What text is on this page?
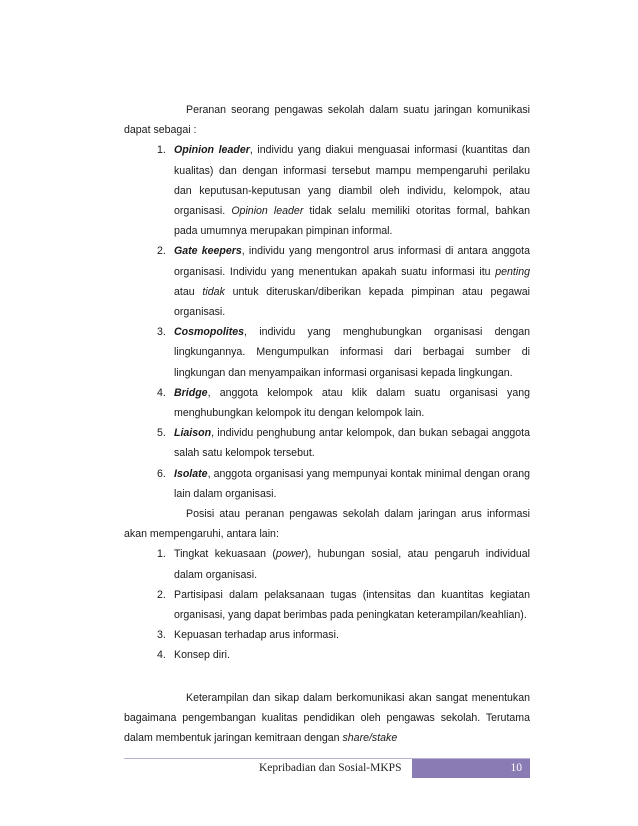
Peranan seorang pengawas sekolah dalam suatu jaringan komunikasi dapat sebagai :

1. Opinion leader, individu yang diakui menguasai informasi (kuantitas dan kualitas) dan dengan informasi tersebut mampu mempengaruhi perilaku dan keputusan-keputusan yang diambil oleh individu, kelompok, atau organisasi. Opinion leader tidak selalu memiliki otoritas formal, bahkan pada umumnya merupakan pimpinan informal.
2. Gate keepers, individu yang mengontrol arus informasi di antara anggota organisasi. Individu yang menentukan apakah suatu informasi itu penting atau tidak untuk diteruskan/diberikan kepada pimpinan atau pegawai organisasi.
3. Cosmopolites, individu yang menghubungkan organisasi dengan lingkungannya. Mengumpulkan informasi dari berbagai sumber di lingkungan dan menyampaikan informasi organisasi kepada lingkungan.
4. Bridge, anggota kelompok atau klik dalam suatu organisasi yang menghubungkan kelompok itu dengan kelompok lain.
5. Liaison, individu penghubung antar kelompok, dan bukan sebagai anggota salah satu kelompok tersebut.
6. Isolate, anggota organisasi yang mempunyai kontak minimal dengan orang lain dalam organisasi.

Posisi atau peranan pengawas sekolah dalam jaringan arus informasi akan mempengaruhi, antara lain:

1. Tingkat kekuasaan (power), hubungan sosial, atau pengaruh individual dalam organisasi.
2. Partisipasi dalam pelaksanaan tugas (intensitas dan kuantitas kegiatan organisasi, yang dapat berimbas pada peningkatan keterampilan/keahlian).
3. Kepuasan terhadap arus informasi.
4. Konsep diri.

Keterampilan dan sikap dalam berkomunikasi akan sangat menentukan bagaimana pengembangan kualitas pendidikan oleh pengawas sekolah. Terutama dalam membentuk jaringan kemitraan dengan share/stake

Kepribadian dan Sosial-MKPS	10
